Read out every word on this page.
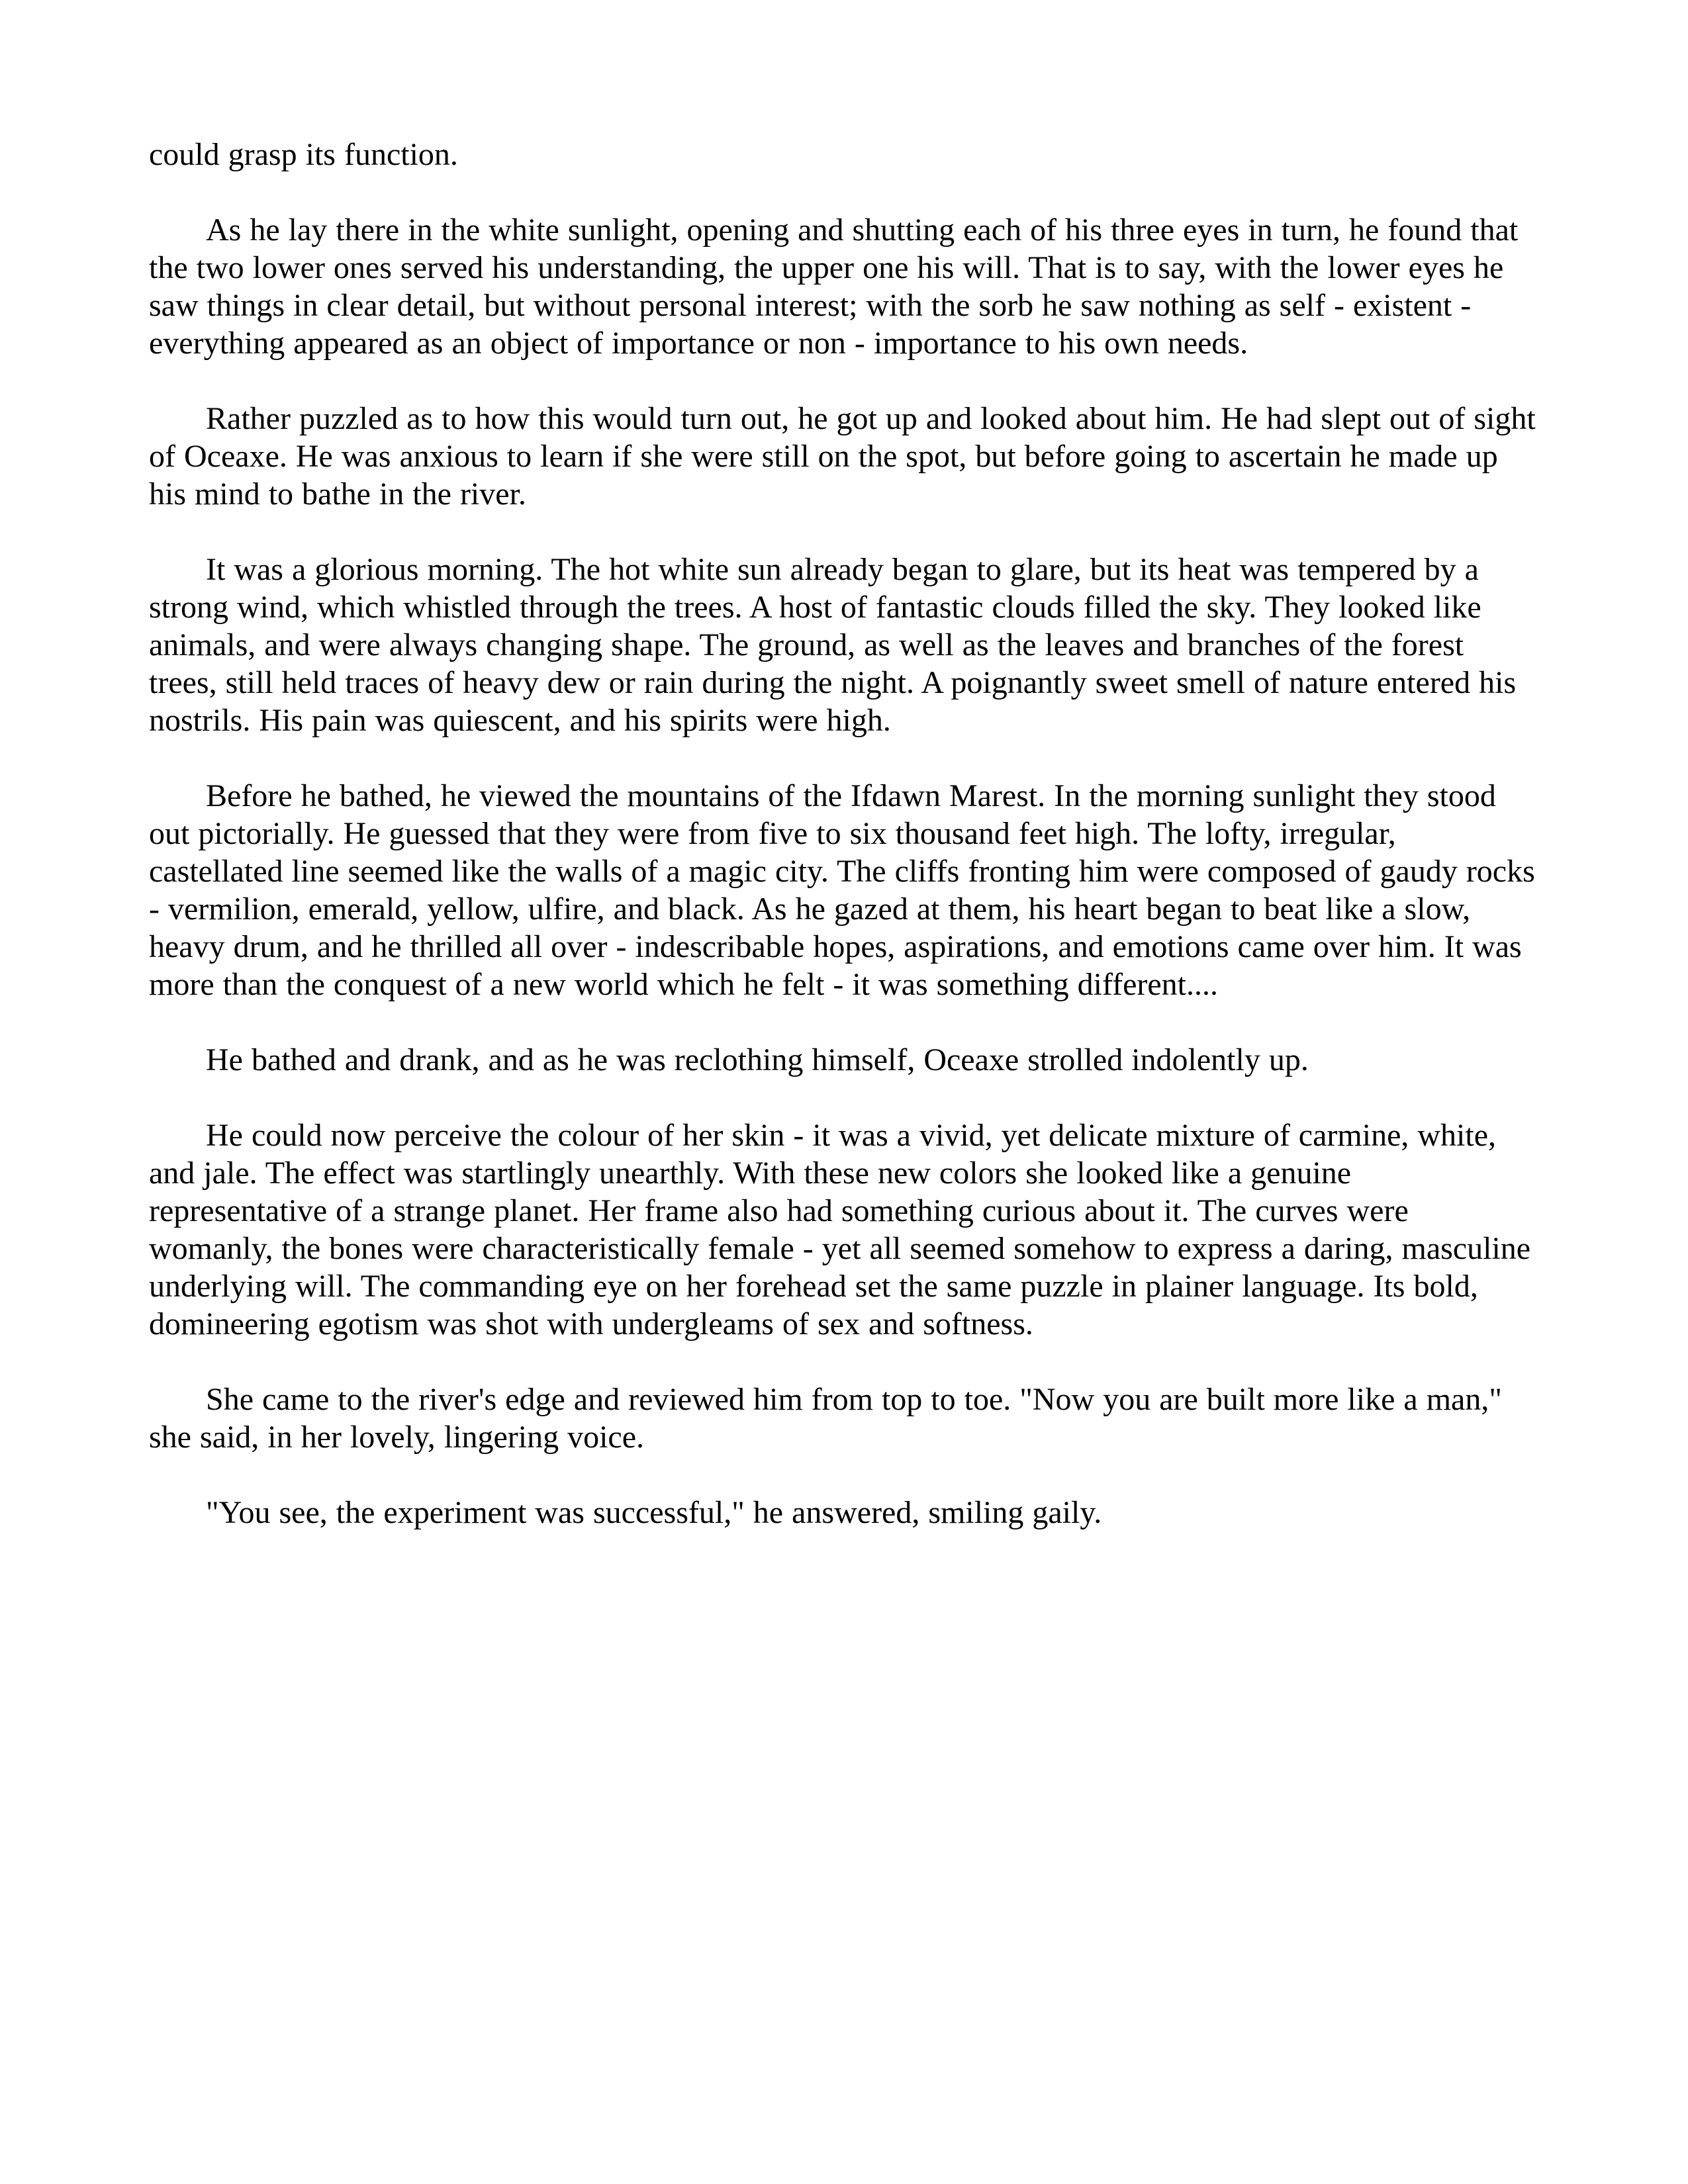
could grasp its function.

As he lay there in the white sunlight, opening and shutting each of his three eyes in turn, he found that the two lower ones served his understanding, the upper one his will. That is to say, with the lower eyes he saw things in clear detail, but without personal interest; with the sorb he saw nothing as self - existent - everything appeared as an object of importance or non - importance to his own needs.

Rather puzzled as to how this would turn out, he got up and looked about him. He had slept out of sight of Oceaxe. He was anxious to learn if she were still on the spot, but before going to ascertain he made up his mind to bathe in the river.

It was a glorious morning. The hot white sun already began to glare, but its heat was tempered by a strong wind, which whistled through the trees. A host of fantastic clouds filled the sky. They looked like animals, and were always changing shape. The ground, as well as the leaves and branches of the forest trees, still held traces of heavy dew or rain during the night. A poignantly sweet smell of nature entered his nostrils. His pain was quiescent, and his spirits were high.

Before he bathed, he viewed the mountains of the Ifdawn Marest. In the morning sunlight they stood out pictorially. He guessed that they were from five to six thousand feet high. The lofty, irregular, castellated line seemed like the walls of a magic city. The cliffs fronting him were composed of gaudy rocks - vermilion, emerald, yellow, ulfire, and black. As he gazed at them, his heart began to beat like a slow, heavy drum, and he thrilled all over - indescribable hopes, aspirations, and emotions came over him. It was more than the conquest of a new world which he felt - it was something different....

He bathed and drank, and as he was reclothing himself, Oceaxe strolled indolently up.

He could now perceive the colour of her skin - it was a vivid, yet delicate mixture of carmine, white, and jale. The effect was startlingly unearthly. With these new colors she looked like a genuine representative of a strange planet. Her frame also had something curious about it. The curves were womanly, the bones were characteristically female - yet all seemed somehow to express a daring, masculine underlying will. The commanding eye on her forehead set the same puzzle in plainer language. Its bold, domineering egotism was shot with undergleams of sex and softness.

She came to the river's edge and reviewed him from top to toe. "Now you are built more like a man," she said, in her lovely, lingering voice.

"You see, the experiment was successful," he answered, smiling gaily.
